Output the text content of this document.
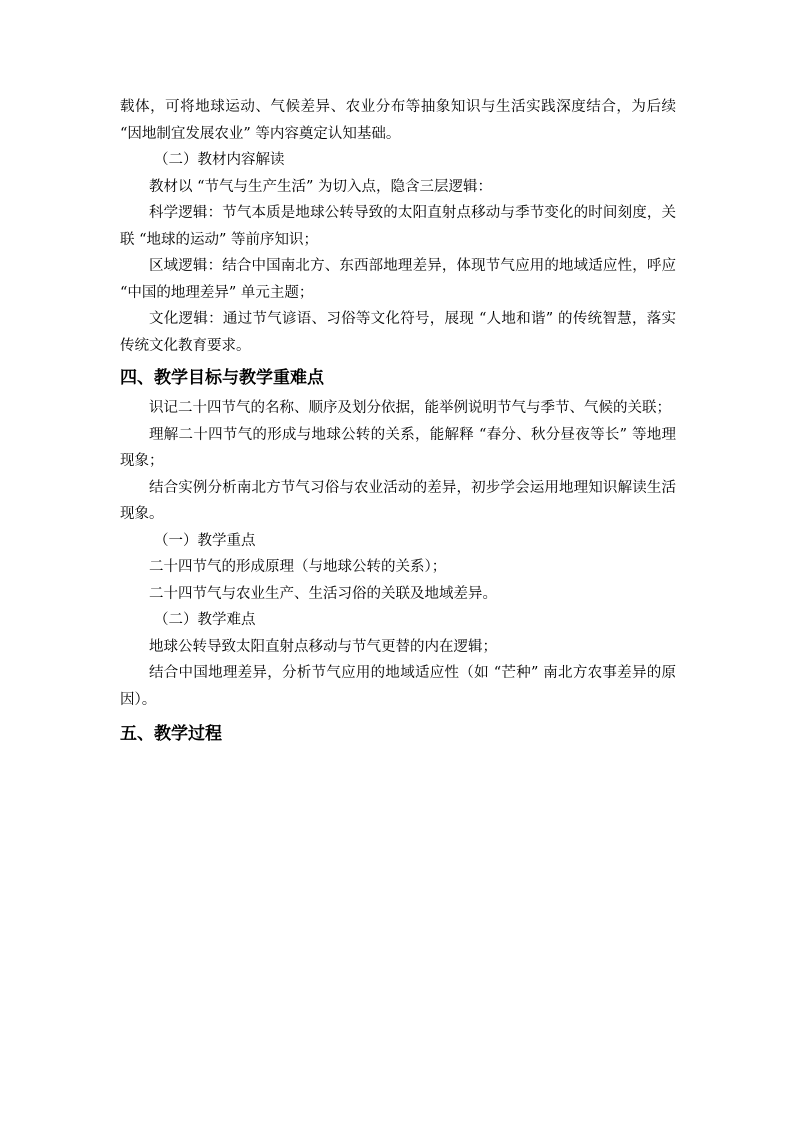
载体，可将地球运动、气候差异、农业分布等抽象知识与生活实践深度结合，为后续 “因地制宜发展农业” 等内容奠定认知基础。

（二）教材内容解读

教材以 “节气与生产生活” 为切入点，隐含三层逻辑：

科学逻辑：节气本质是地球公转导致的太阳直射点移动与季节变化的时间刻度，关联 “地球的运动” 等前序知识；

区域逻辑：结合中国南北方、东西部地理差异，体现节气应用的地域适应性，呼应 “中国的地理差异” 单元主题；

文化逻辑：通过节气谚语、习俗等文化符号，展现 “人地和谐” 的传统智慧，落实传统文化教育要求。

四、教学目标与教学重难点

识记二十四节气的名称、顺序及划分依据，能举例说明节气与季节、气候的关联；

理解二十四节气的形成与地球公转的关系，能解释 “春分、秋分昼夜等长” 等地理现象；

结合实例分析南北方节气习俗与农业活动的差异，初步学会运用地理知识解读生活现象。

（一）教学重点

二十四节气的形成原理（与地球公转的关系）；

二十四节气与农业生产、生活习俗的关联及地域差异。

（二）教学难点

地球公转导致太阳直射点移动与节气更替的内在逻辑；

结合中国地理差异，分析节气应用的地域适应性（如 “芒种” 南北方农事差异的原因）。

五、教学过程
